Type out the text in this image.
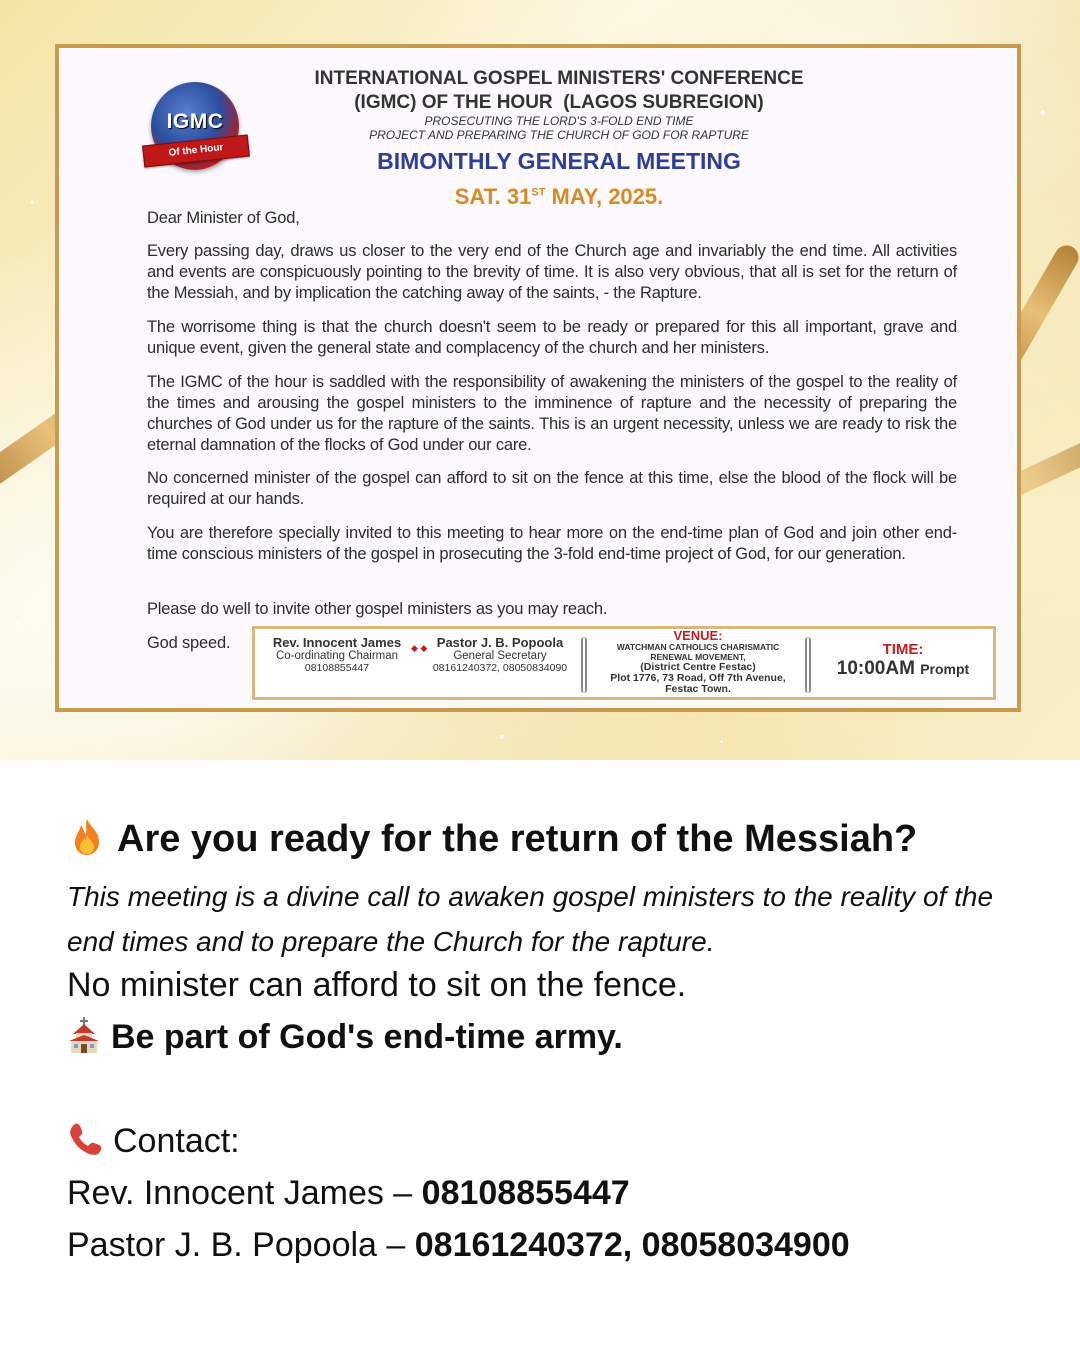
IGMC
Of the Hour
INTERNATIONAL GOSPEL MINISTERS' CONFERENCE
(IGMC) OF THE HOUR  (LAGOS SUBREGION)
PROSECUTING THE LORD'S 3-FOLD END TIME
PROJECT AND PREPARING THE CHURCH OF GOD FOR RAPTURE
BIMONTHLY GENERAL MEETING
SAT. 31ST MAY, 2025.
Dear Minister of God,
Every passing day, draws us closer to the very end of the Church age and invariably the end time. All activities and events are conspicuously pointing to the brevity of time. It is also very obvious, that all is set for the return of the Messiah, and by implication the catching away of the saints, - the Rapture.
The worrisome thing is that the church doesn't seem to be ready or prepared for this all important, grave and unique event, given the general state and complacency of the church and her ministers.
The IGMC of the hour is saddled with the responsibility of awakening the ministers of the gospel to the reality of the times and arousing the gospel ministers to the imminence of rapture and the necessity of preparing the churches of God under us for the rapture of the saints. This is an urgent necessity, unless we are ready to risk the eternal damnation of the flocks of God under our care.
No concerned minister of the gospel can afford to sit on the fence at this time, else the blood of the flock will be required at our hands.
You are therefore specially invited to this meeting to hear more on the end-time plan of God and join other end-time conscious ministers of the gospel in prosecuting the 3-fold end-time project of God, for our generation.
Please do well to invite other gospel ministers as you may reach.
God speed.	Rev. Innocent James
Co-ordinating Chairman
08108855447
◆ ◆ Pastor J. B. Popoola
General Secretary
08161240372, 08050834090
VENUE:
WATCHMAN CATHOLICS CHARISMATIC
RENEWAL MOVEMENT,
(District Centre Festac)
Plot 1776, 73 Road, Off 7th Avenue,
Festac Town.
TIME:
10:00AM Prompt
Are you ready for the return of the Messiah?
This meeting is a divine call to awaken gospel ministers to the reality of the end times and to prepare the Church for the rapture.
No minister can afford to sit on the fence.
Be part of God's end-time army.
Contact:
Rev. Innocent James – 08108855447
Pastor J. B. Popoola – 08161240372, 08058034900
